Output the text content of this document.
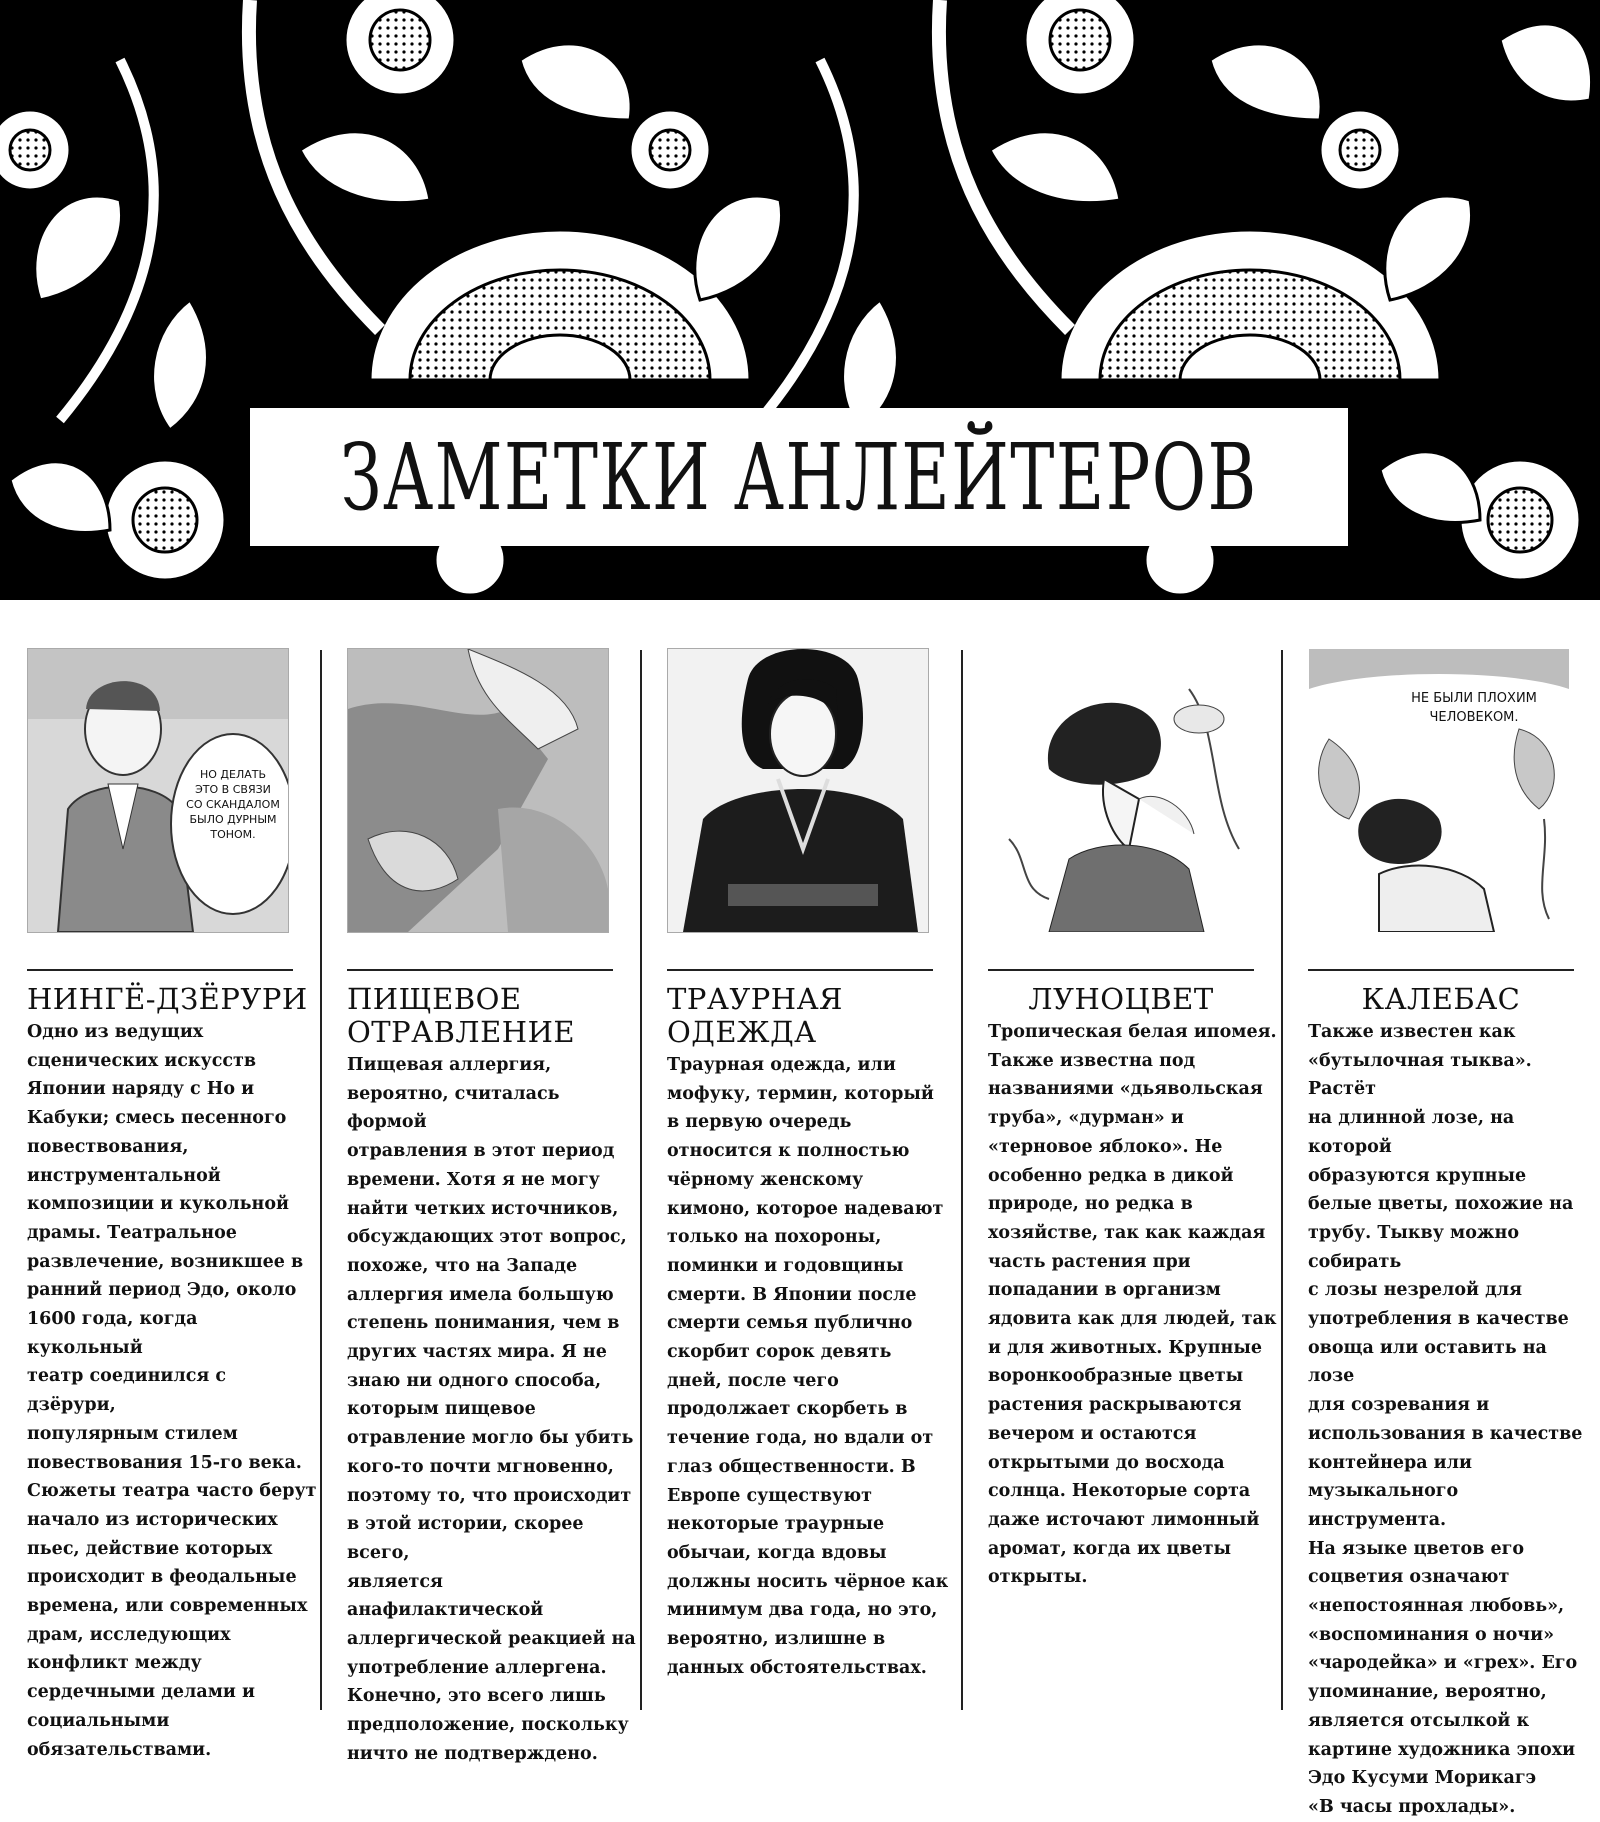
ЗАМЕТКИ АНЛЕЙТЕРОВ
НО ДЕЛАТЬ
ЭТО В СВЯЗИ
СО СКАНДАЛОМ
БЫЛО ДУРНЫМ
ТОНОМ.
НИНГЁ-ДЗЁРУРИ
Одно из ведущих
сценических искусств
Японии наряду с Но и
Кабуки; смесь песенного
повествования,
инструментальной
композиции и кукольной
драмы. Театральное
развлечение, возникшее в
ранний период Эдо, около
1600 года, когда кукольный
театр соединился с дзёрури,
популярным стилем
повествования 15-го века.
Сюжеты театра часто берут
начало из исторических
пьес, действие которых
происходит в феодальные
времена, или современных
драм, исследующих
конфликт между
сердечными делами и
социальными
обязательствами.
ПИЩЕВОЕ
ОТРАВЛЕНИЕ
Пищевая аллергия,
вероятно, считалась формой
отравления в этот период
времени. Хотя я не могу
найти четких источников,
обсуждающих этот вопрос,
похоже, что на Западе
аллергия имела большую
степень понимания, чем в
других частях мира. Я не
знаю ни одного способа,
которым пищевое
отравление могло бы убить
кого-то почти мгновенно,
поэтому то, что происходит
в этой истории, скорее всего,
является анафилактической
аллергической реакцией на
употребление аллергена.
Конечно, это всего лишь
предположение, поскольку
ничто не подтверждено.
ТРАУРНАЯ
ОДЕЖДА
Траурная одежда, или
мофуку, термин, который
в первую очередь
относится к полностью
чёрному женскому
кимоно, которое надевают
только на похороны,
поминки и годовщины
смерти. В Японии после
смерти семья публично
скорбит сорок девять
дней, после чего
продолжает скорбеть в
течение года, но вдали от
глаз общественности. В
Европе существуют
некоторые траурные
обычаи, когда вдовы
должны носить чёрное как
минимум два года, но это,
вероятно, излишне в
данных обстоятельствах.
ЛУНОЦВЕТ
Тропическая белая ипомея.
Также известна под
названиями «дьявольская
труба», «дурман» и
«терновое яблоко». Не
особенно редка в дикой
природе, но редка в
хозяйстве, так как каждая
часть растения при
попадании в организм
ядовита как для людей, так
и для животных. Крупные
воронкообразные цветы
растения раскрываются
вечером и остаются
открытыми до восхода
солнца. Некоторые сорта
даже источают лимонный
аромат, когда их цветы
открыты.
НЕ БЫЛИ ПЛОХИМ
ЧЕЛОВЕКОМ.
КАЛЕБАС
Также известен как
«бутылочная тыква». Растёт
на длинной лозе, на которой
образуются крупные
белые цветы, похожие на
трубу. Тыкву можно собирать
с лозы незрелой для
употребления в качестве
овоща или оставить на лозе
для созревания и
использования в качестве
контейнера или
музыкального инструмента.
На языке цветов его
соцветия означают
«непостоянная любовь»,
«воспоминания о ночи»
«чародейка» и «грех». Его
упоминание, вероятно,
является отсылкой к
картине художника эпохи
Эдо Кусуми Морикагэ
«В часы прохлады».
